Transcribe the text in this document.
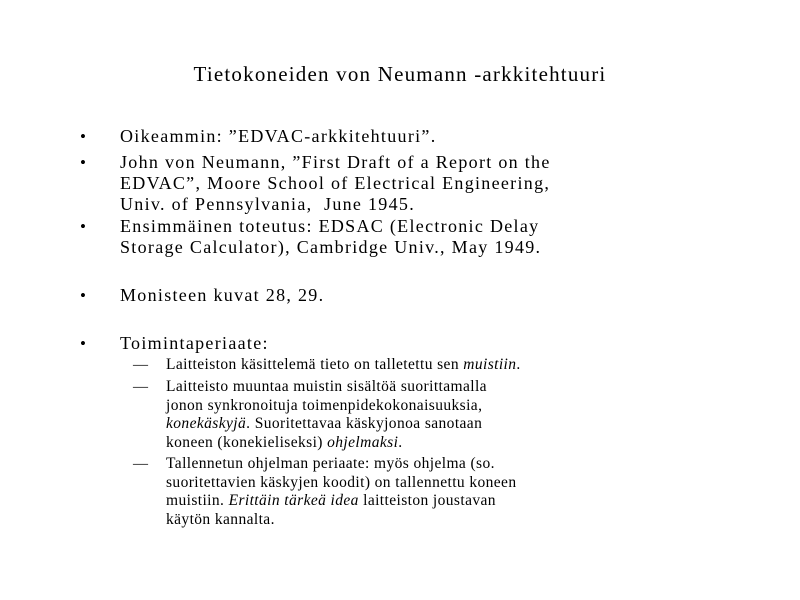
Tietokoneiden von Neumann -arkkitehtuuri
• Oikeammin: ”EDVAC-arkkitehtuuri”.
• John von Neumann, ”First Draft of a Report on the
EDVAC”, Moore School of Electrical Engineering,
Univ. of Pennsylvania,  June 1945.
• Ensimmäinen toteutus: EDSAC (Electronic Delay
Storage Calculator), Cambridge Univ., May 1949.
• Monisteen kuvat 28, 29.
• Toimintaperiaate:
— Laitteiston käsittelemä tieto on talletettu sen muistiin.
— Laitteisto muuntaa muistin sisältöä suorittamalla
jonon synkronoituja toimenpidekokonaisuuksia,
konekäskyjä. Suoritettavaa käskyjonoa sanotaan
koneen (konekieliseksi) ohjelmaksi.
— Tallennetun ohjelman periaate: myös ohjelma (so.
suoritettavien käskyjen koodit) on tallennettu koneen
muistiin. Erittäin tärkeä idea laitteiston joustavan
käytön kannalta.
